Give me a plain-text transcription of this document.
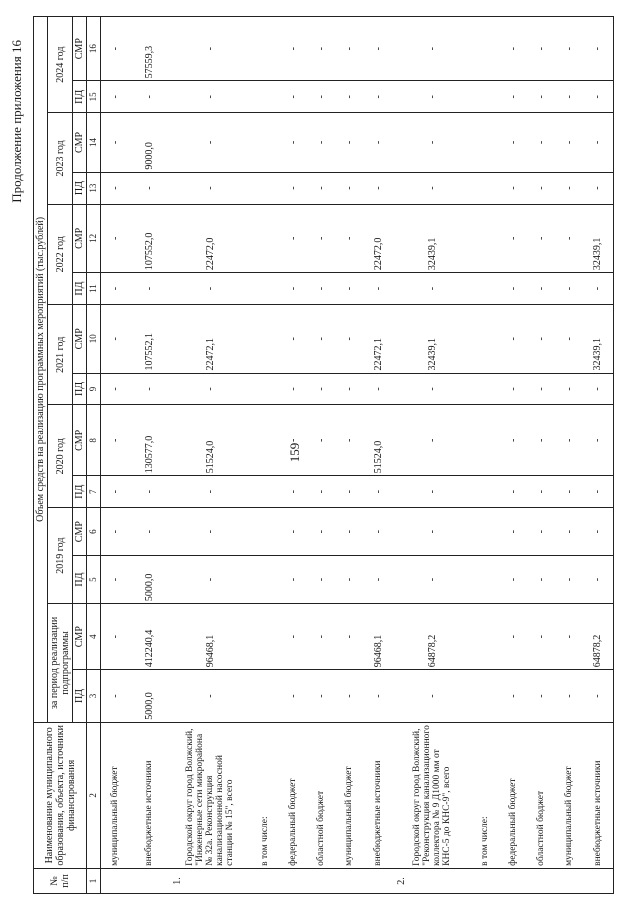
159
Продолжение приложения 16
№ п/п	Наименование муниципального образования, объекта, источники финансирования	Объем средств на реализацию программных мероприятий (тыс.рублей)													
		за период реализации подпрограммы		2019 год		2020 год		2021 год		2022 год		2023 год		2024 год	
		ПД	СМР	ПД	СМР	ПД	СМР	ПД	СМР	ПД	СМР	ПД	СМР	ПД	СМР
1	2	3	4	5	6	7	8	9	10	11	12	13	14	15	16
	муниципальный бюджет	-	-	-	-	-	-	-	-	-	-	-	-	-	-
	внебюджетные источники	5000,0	412240,4	5000,0	-	-	130577,0	-	107552,1	-	107552,0	-	9000,0	-	57559,3
1.	Городской округ город Волжский, "Инженерные сети микрорайона № 32а. Реконструкция канализационной насосной станции № 15", всего	-	96468,1	-	-	-	51524,0	-	22472,1	-	22472,0	-	-	-	-
	в том числе:														
	федеральный бюджет	-	-	-	-	-	-	-	-	-	-	-	-	-	-
	областной бюджет	-	-	-	-	-	-	-	-	-	-	-	-	-	-
	муниципальный бюджет	-	-	-	-	-	-	-	-	-	-	-	-	-	-
	внебюджетные источники	-	96468,1	-	-	-	51524,0	-	22472,1	-	22472,0	-	-	-	-
2.	Городской округ город Волжский, "Реконструкция канализационного коллектора № 9 Д1000 мм от КНС-5 до КНС-9", всего	-	64878,2	-	-	-	-	-	32439,1	-	32439,1	-	-	-	-
	в том числе:														
	федеральный бюджет	-	-	-	-	-	-	-	-	-	-	-	-	-	-
	областной бюджет	-	-	-	-	-	-	-	-	-	-	-	-	-	-
	муниципальный бюджет	-	-	-	-	-	-	-	-	-	-	-	-	-	-
	внебюджетные источники	-	64878,2	-	-	-	-	-	32439,1	-	32439,1	-	-	-	-
